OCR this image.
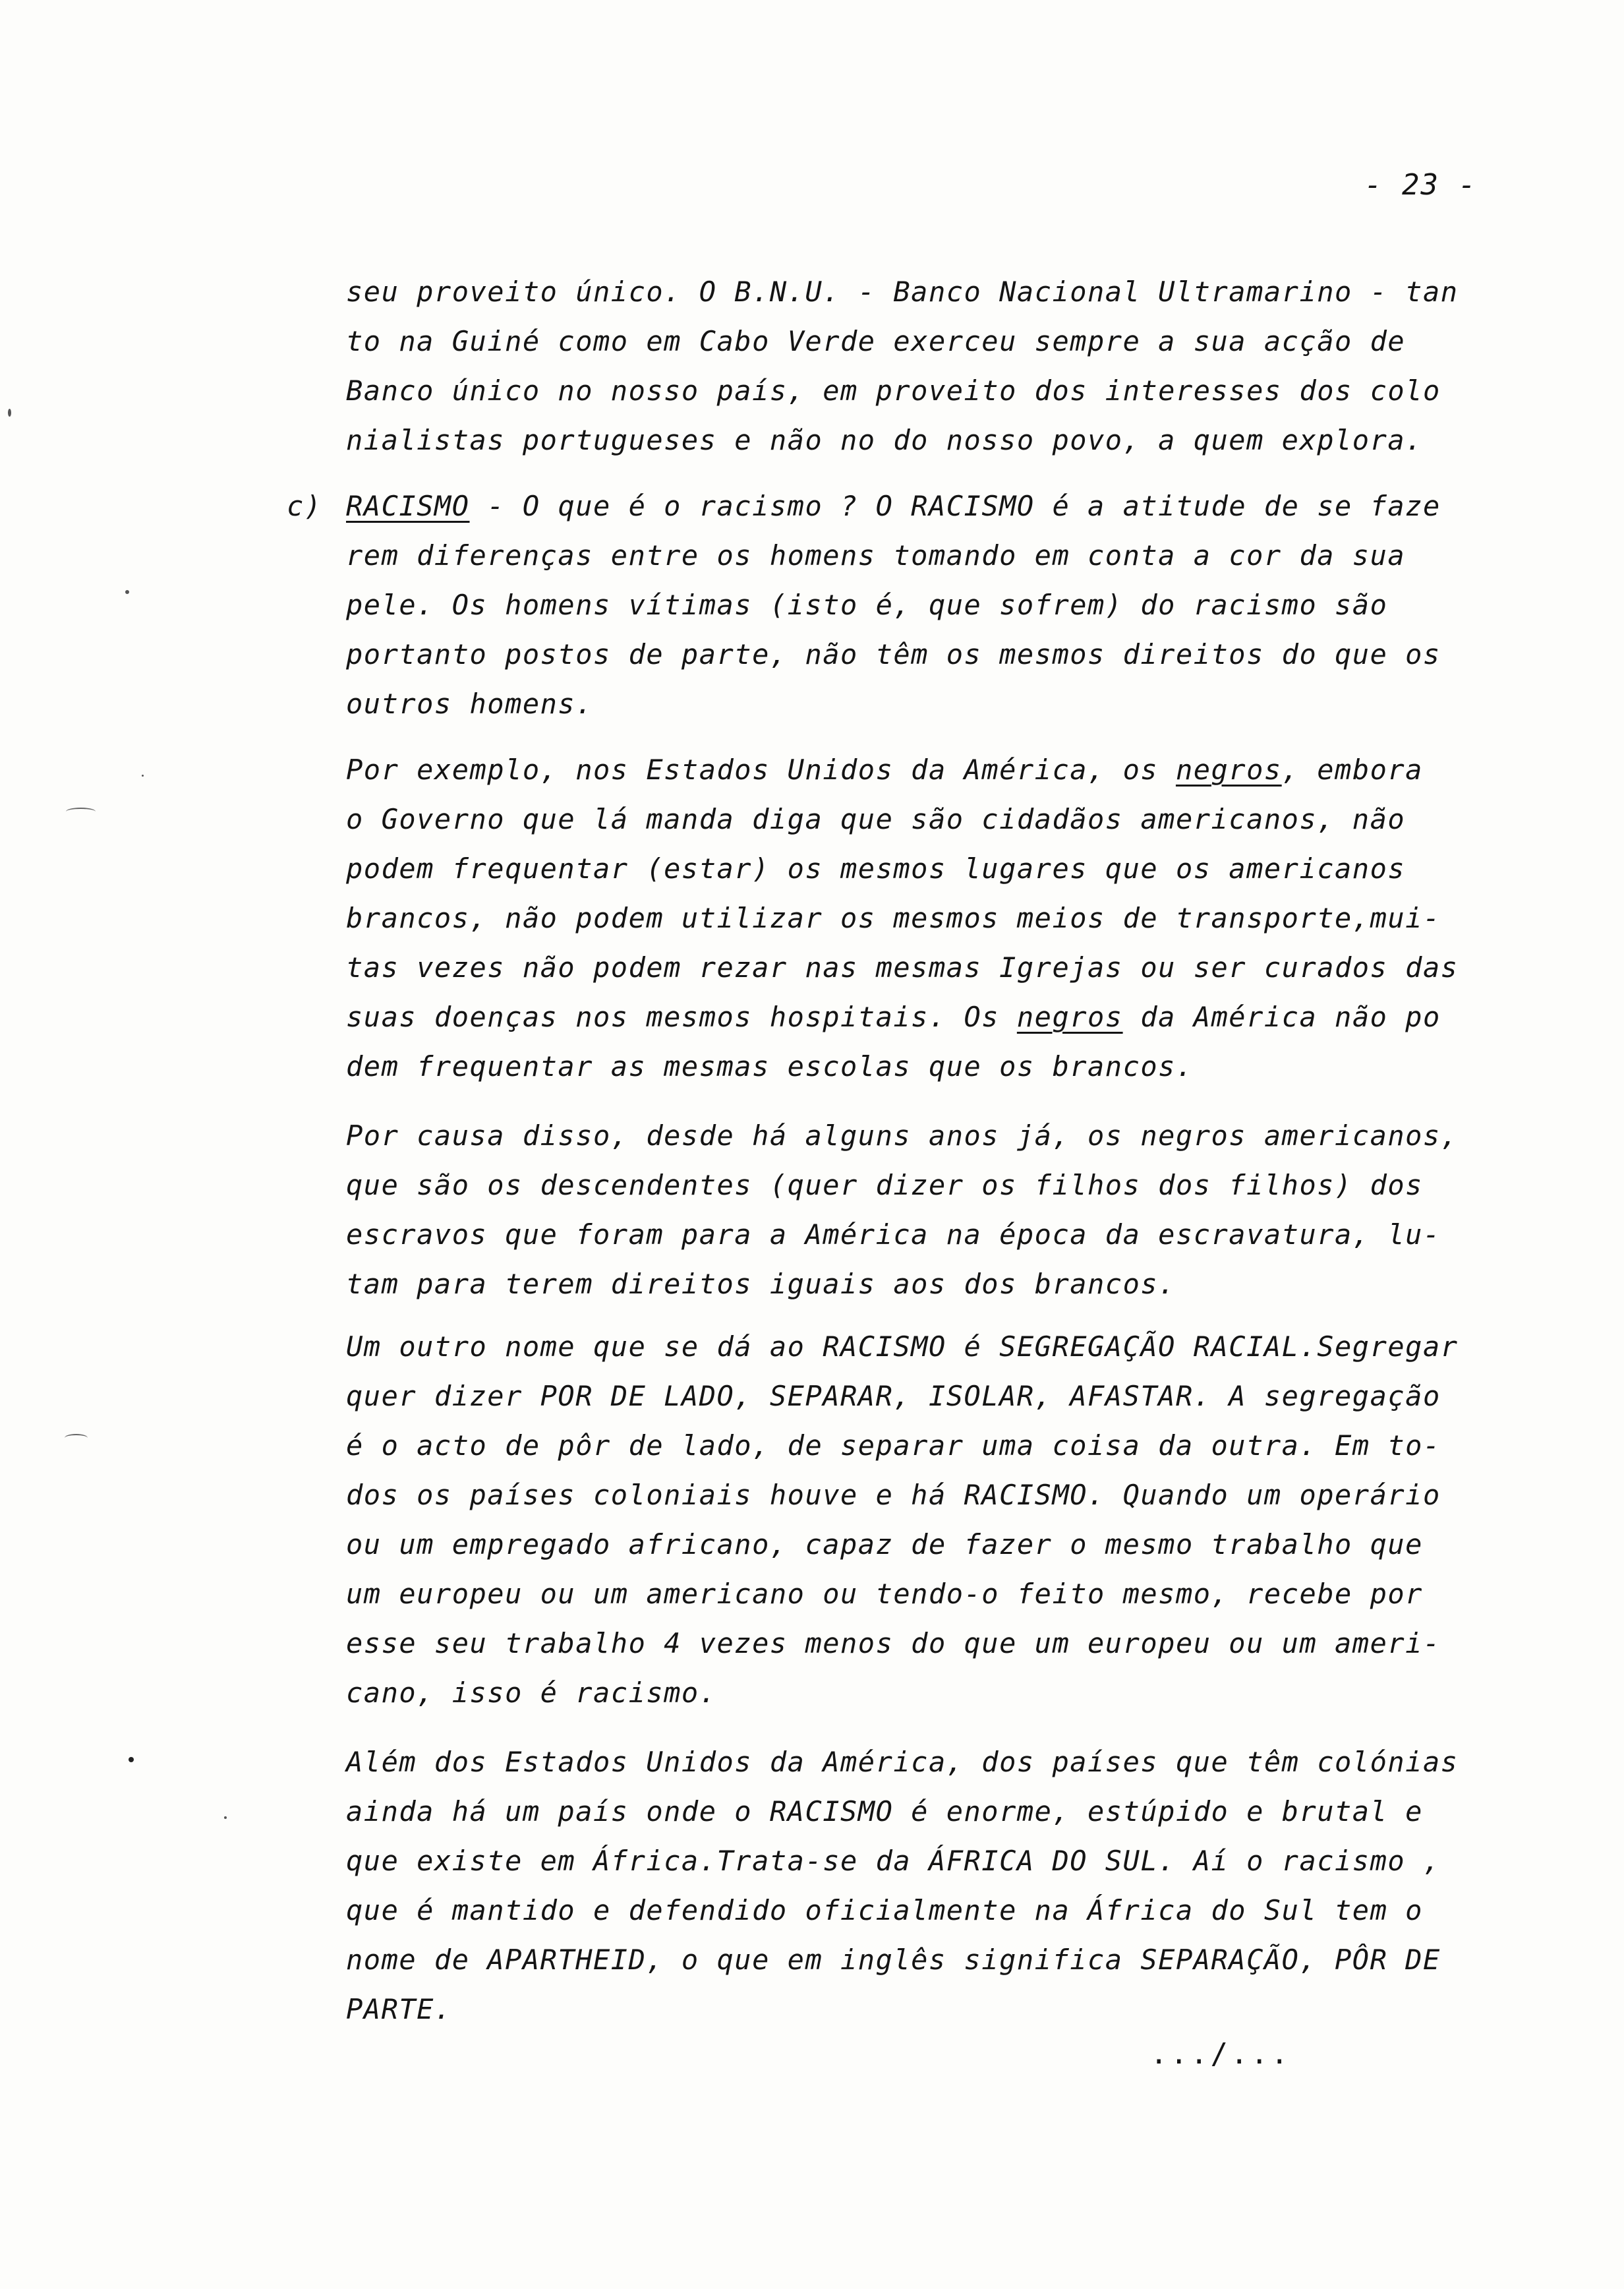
- 23 -
seu proveito único. O B.N.U. - Banco Nacional Ultramarino - tan
to na Guiné como em Cabo Verde exerceu sempre a sua acção de
Banco único no nosso país, em proveito dos interesses dos colo
nialistas portugueses e não no do nosso povo, a quem explora.
c) RACISMO - O que é o racismo ? O RACISMO é a atitude de se faze
rem diferenças entre os homens tomando em conta a cor da sua
pele. Os homens vítimas (isto é, que sofrem) do racismo são
portanto postos de parte, não têm os mesmos direitos do que os
outros homens.
Por exemplo, nos Estados Unidos da América, os negros, embora
o Governo que lá manda diga que são cidadãos americanos, não
podem frequentar (estar) os mesmos lugares que os americanos
brancos, não podem utilizar os mesmos meios de transporte,mui-
tas vezes não podem rezar nas mesmas Igrejas ou ser curados das
suas doenças nos mesmos hospitais. Os negros da América não po
dem frequentar as mesmas escolas que os brancos.
Por causa disso, desde há alguns anos já, os negros americanos,
que são os descendentes (quer dizer os filhos dos filhos) dos
escravos que foram para a América na época da escravatura, lu-
tam para terem direitos iguais aos dos brancos.
Um outro nome que se dá ao RACISMO é SEGREGAÇÃO RACIAL.Segregar
quer dizer POR DE LADO, SEPARAR, ISOLAR, AFASTAR. A segregação
é o acto de pôr de lado, de separar uma coisa da outra. Em to-
dos os países coloniais houve e há RACISMO. Quando um operário
ou um empregado africano, capaz de fazer o mesmo trabalho que
um europeu ou um americano ou tendo-o feito mesmo, recebe por
esse seu trabalho 4 vezes menos do que um europeu ou um ameri-
cano, isso é racismo.
Além dos Estados Unidos da América, dos países que têm colónias
ainda há um país onde o RACISMO é enorme, estúpido e brutal e
que existe em África.Trata-se da ÁFRICA DO SUL. Aí o racismo ,
que é mantido e defendido oficialmente na África do Sul tem o
nome de APARTHEID, o que em inglês significa SEPARAÇÃO, PÔR DE
PARTE.
.../...
